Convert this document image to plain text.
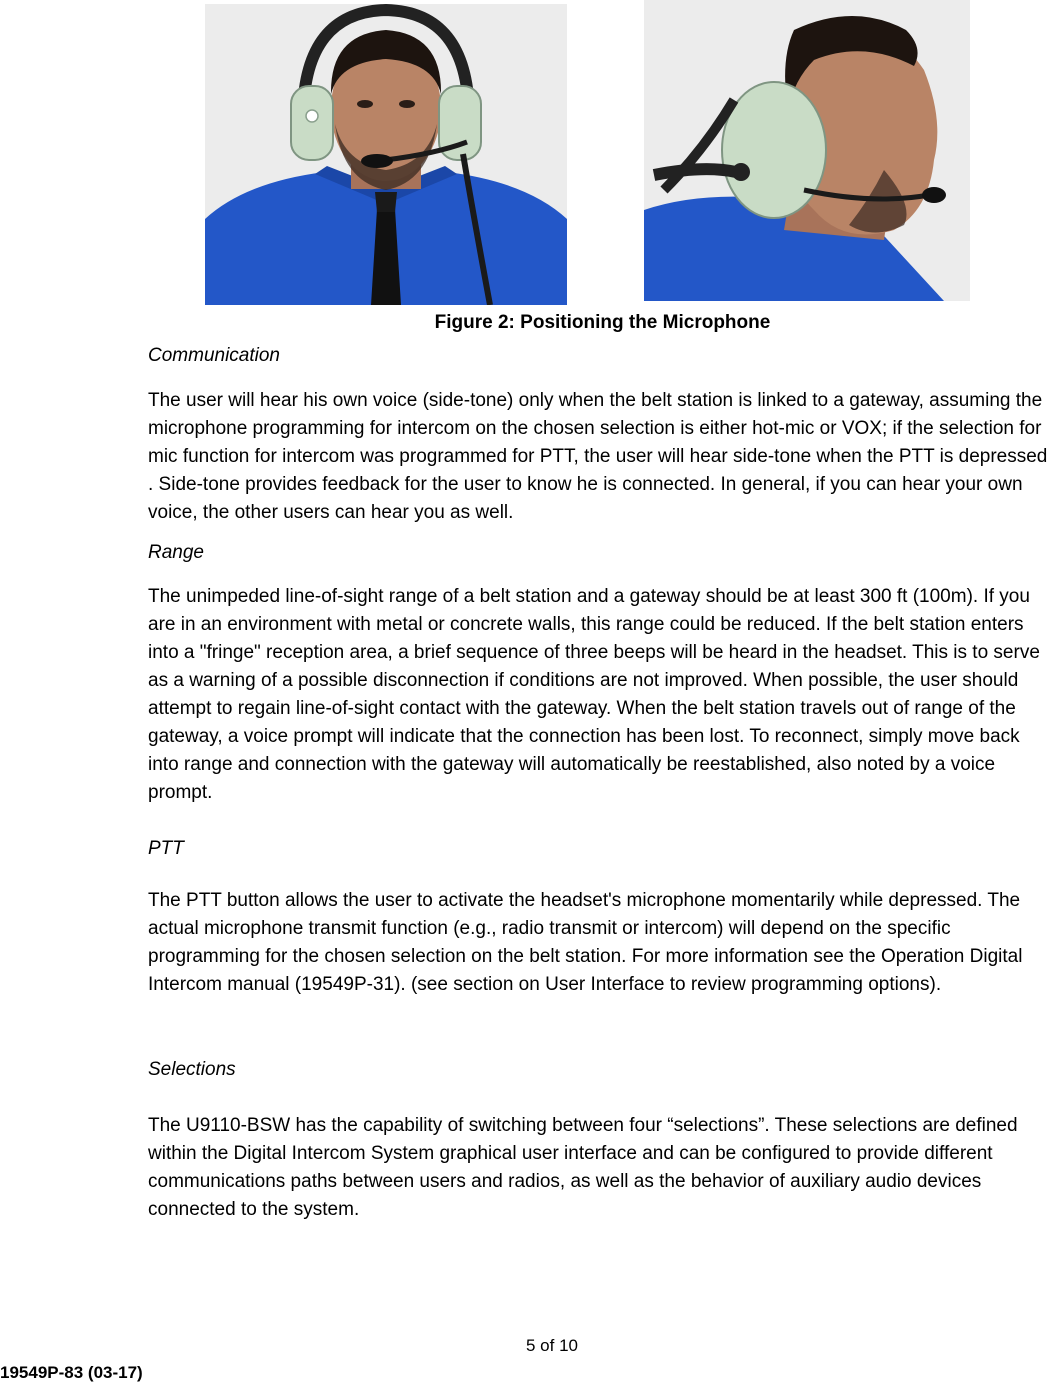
Figure 2: Positioning the Microphone
Communication

The user will hear his own voice (side-tone) only when the belt station is linked to a gateway, assuming the microphone programming for intercom on the chosen selection is either hot-mic or VOX; if the selection for mic function for intercom was programmed for PTT, the user will hear side-tone when the PTT is depressed . Side-tone provides feedback for the user to know he is connected. In general, if you can hear your own voice, the other users can hear you as well.

Range

The unimpeded line-of-sight range of a belt station and a gateway should be at least 300 ft (100m). If you are in an environment with metal or concrete walls, this range could be reduced. If the belt station enters into a "fringe" reception area, a brief sequence of three beeps will be heard in the headset. This is to serve as a warning of a possible disconnection if conditions are not improved. When possible, the user should attempt to regain line-of-sight contact with the gateway. When the belt station travels out of range of the gateway, a voice prompt will indicate that the connection has been lost. To reconnect, simply move back into range and connection with the gateway will automatically be reestablished, also noted by a voice prompt.

PTT

The PTT button allows the user to activate the headset's microphone momentarily while depressed. The actual microphone transmit function (e.g., radio transmit or intercom) will depend on the specific programming for the chosen selection on the belt station. For more information see the Operation Digital Intercom manual (19549P-31). (see section on User Interface to review programming options).

Selections

The U9110-BSW has the capability of switching between four “selections”. These selections are defined within the Digital Intercom System graphical user interface and can be configured to provide different communications paths between users and radios, as well as the behavior of auxiliary audio devices connected to the system.

5 of 10
19549P-83 (03-17)
